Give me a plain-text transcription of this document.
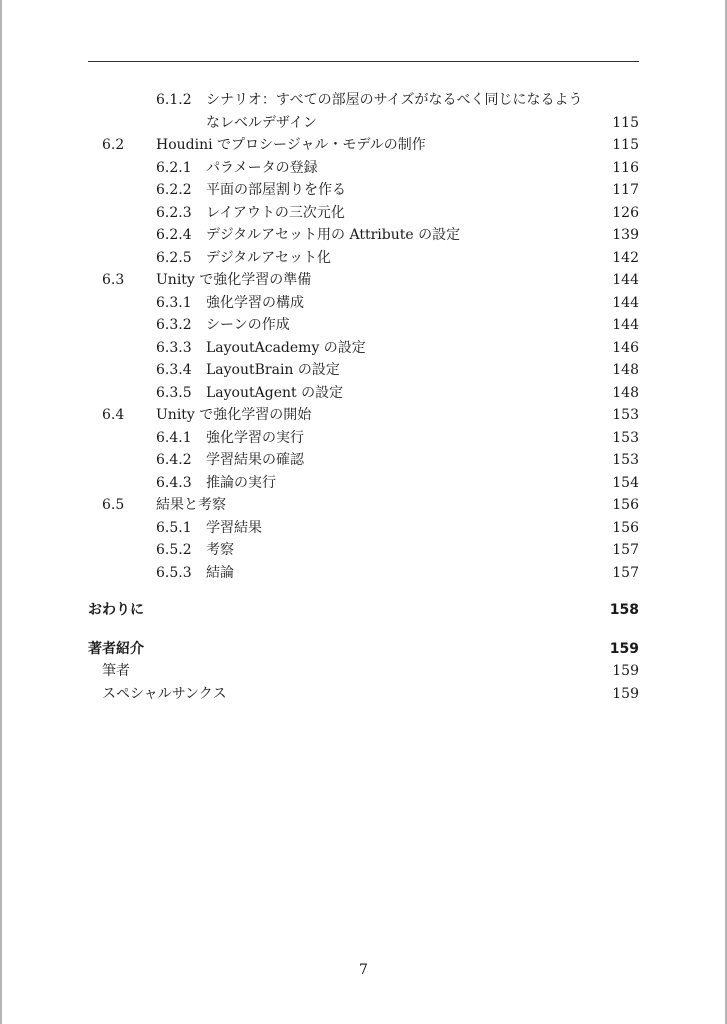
6.1.2 シナリオ：すべての部屋のサイズがなるべく同じになるよう
なレベルデザイン	115
6.2 Houdini でプロシージャル・モデルの制作	115
6.2.1 パラメータの登録	116
6.2.2 平面の部屋割りを作る	117
6.2.3 レイアウトの三次元化	126
6.2.4 デジタルアセット用の Attribute の設定	139
6.2.5 デジタルアセット化	142
6.3 Unity で強化学習の準備	144
6.3.1 強化学習の構成	144
6.3.2 シーンの作成	144
6.3.3 LayoutAcademy の設定	146
6.3.4 LayoutBrain の設定	148
6.3.5 LayoutAgent の設定	148
6.4 Unity で強化学習の開始	153
6.4.1 強化学習の実行	153
6.4.2 学習結果の確認	153
6.4.3 推論の実行	154
6.5 結果と考察	156
6.5.1 学習結果	156
6.5.2 考察	157
6.5.3 結論	157
おわりに	158
著者紹介	159
筆者	159
スペシャルサンクス	159
7
